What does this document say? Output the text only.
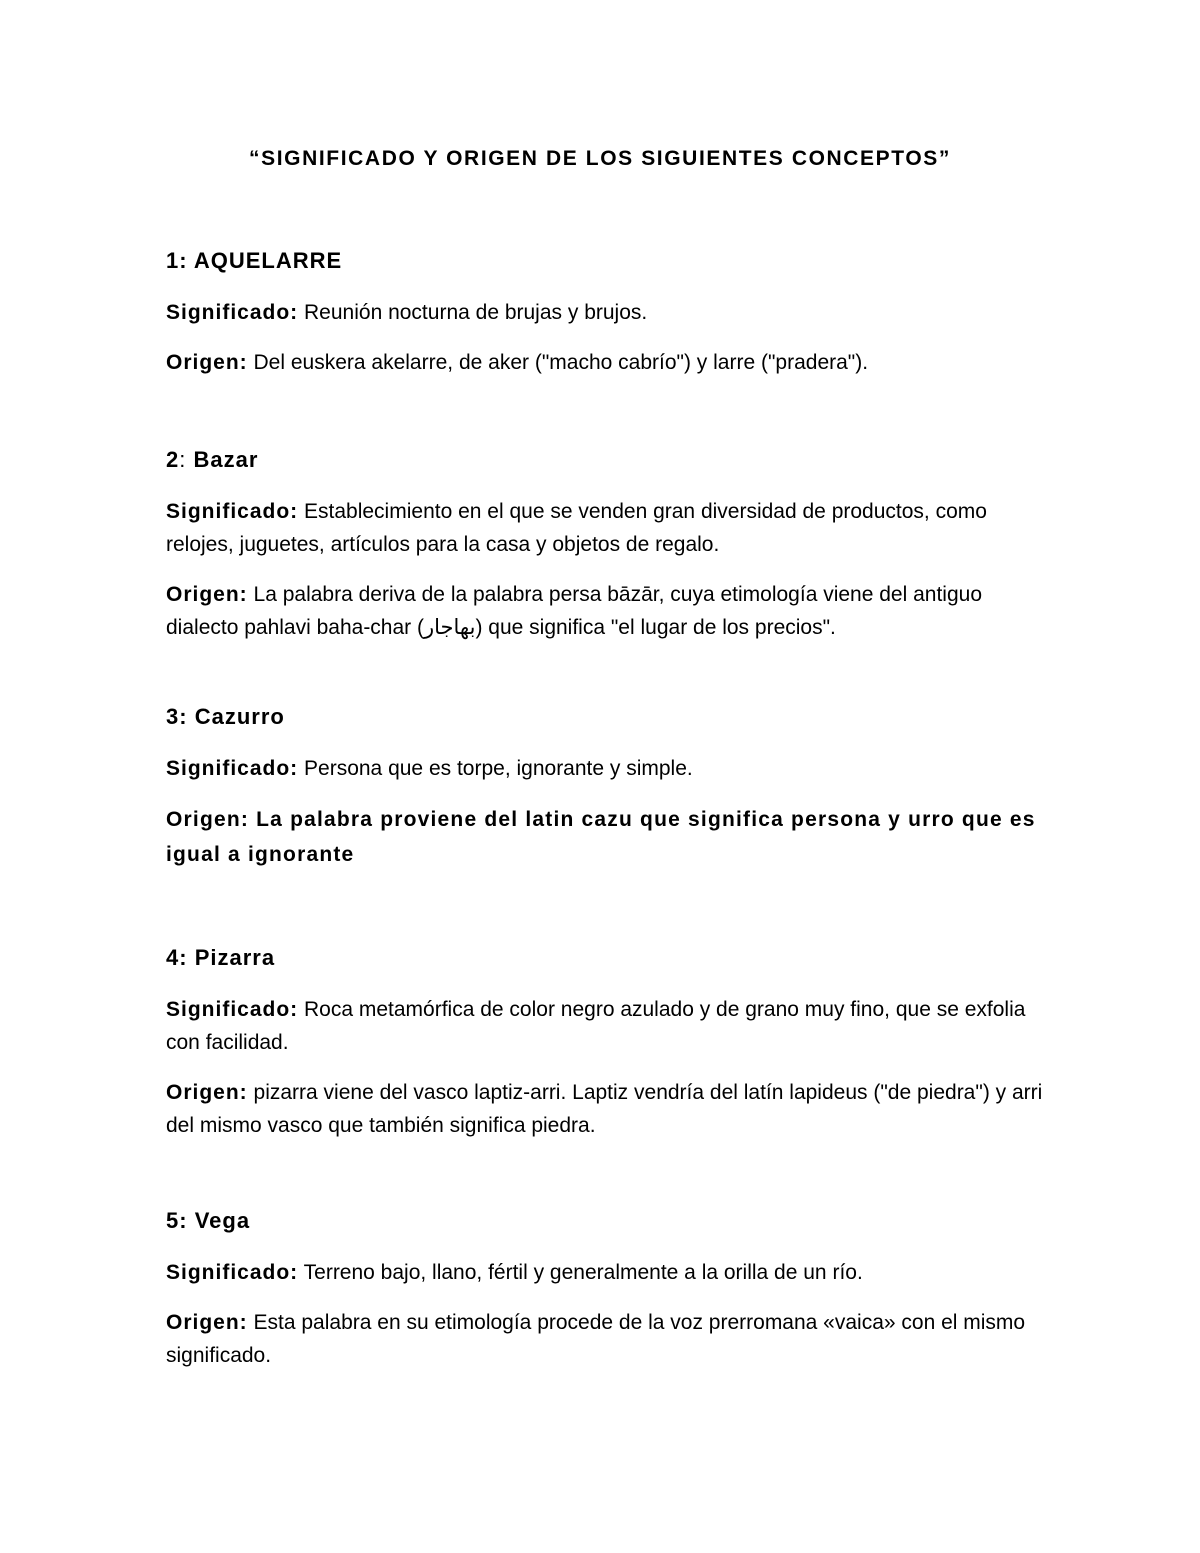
“SIGNIFICADO Y ORIGEN DE LOS SIGUIENTES CONCEPTOS”
1: AQUELARRE

Significado: Reunión nocturna de brujas y brujos.

Origen: Del euskera akelarre, de aker ("macho cabrío") y larre ("pradera").

2: Bazar

Significado: Establecimiento en el que se venden gran diversidad de productos, como relojes, juguetes, artículos para la casa y objetos de regalo.

Origen: La palabra deriva de la palabra persa bāzār, cuya etimología viene del antiguo dialecto pahlavi baha-char (بهاجار) que significa "el lugar de los precios".

3: Cazurro

Significado: Persona que es torpe, ignorante y simple.

Origen: La palabra proviene del latin cazu que significa persona y urro que es igual a ignorante

4: Pizarra

Significado: Roca metamórfica de color negro azulado y de grano muy fino, que se exfolia con facilidad.

Origen: pizarra viene del vasco laptiz-arri. Laptiz vendría del latín lapideus ("de piedra") y arri del mismo vasco que también significa piedra.

5: Vega

Significado: Terreno bajo, llano, fértil y generalmente a la orilla de un río.

Origen: Esta palabra en su etimología procede de la voz prerromana «vaica» con el mismo significado.
